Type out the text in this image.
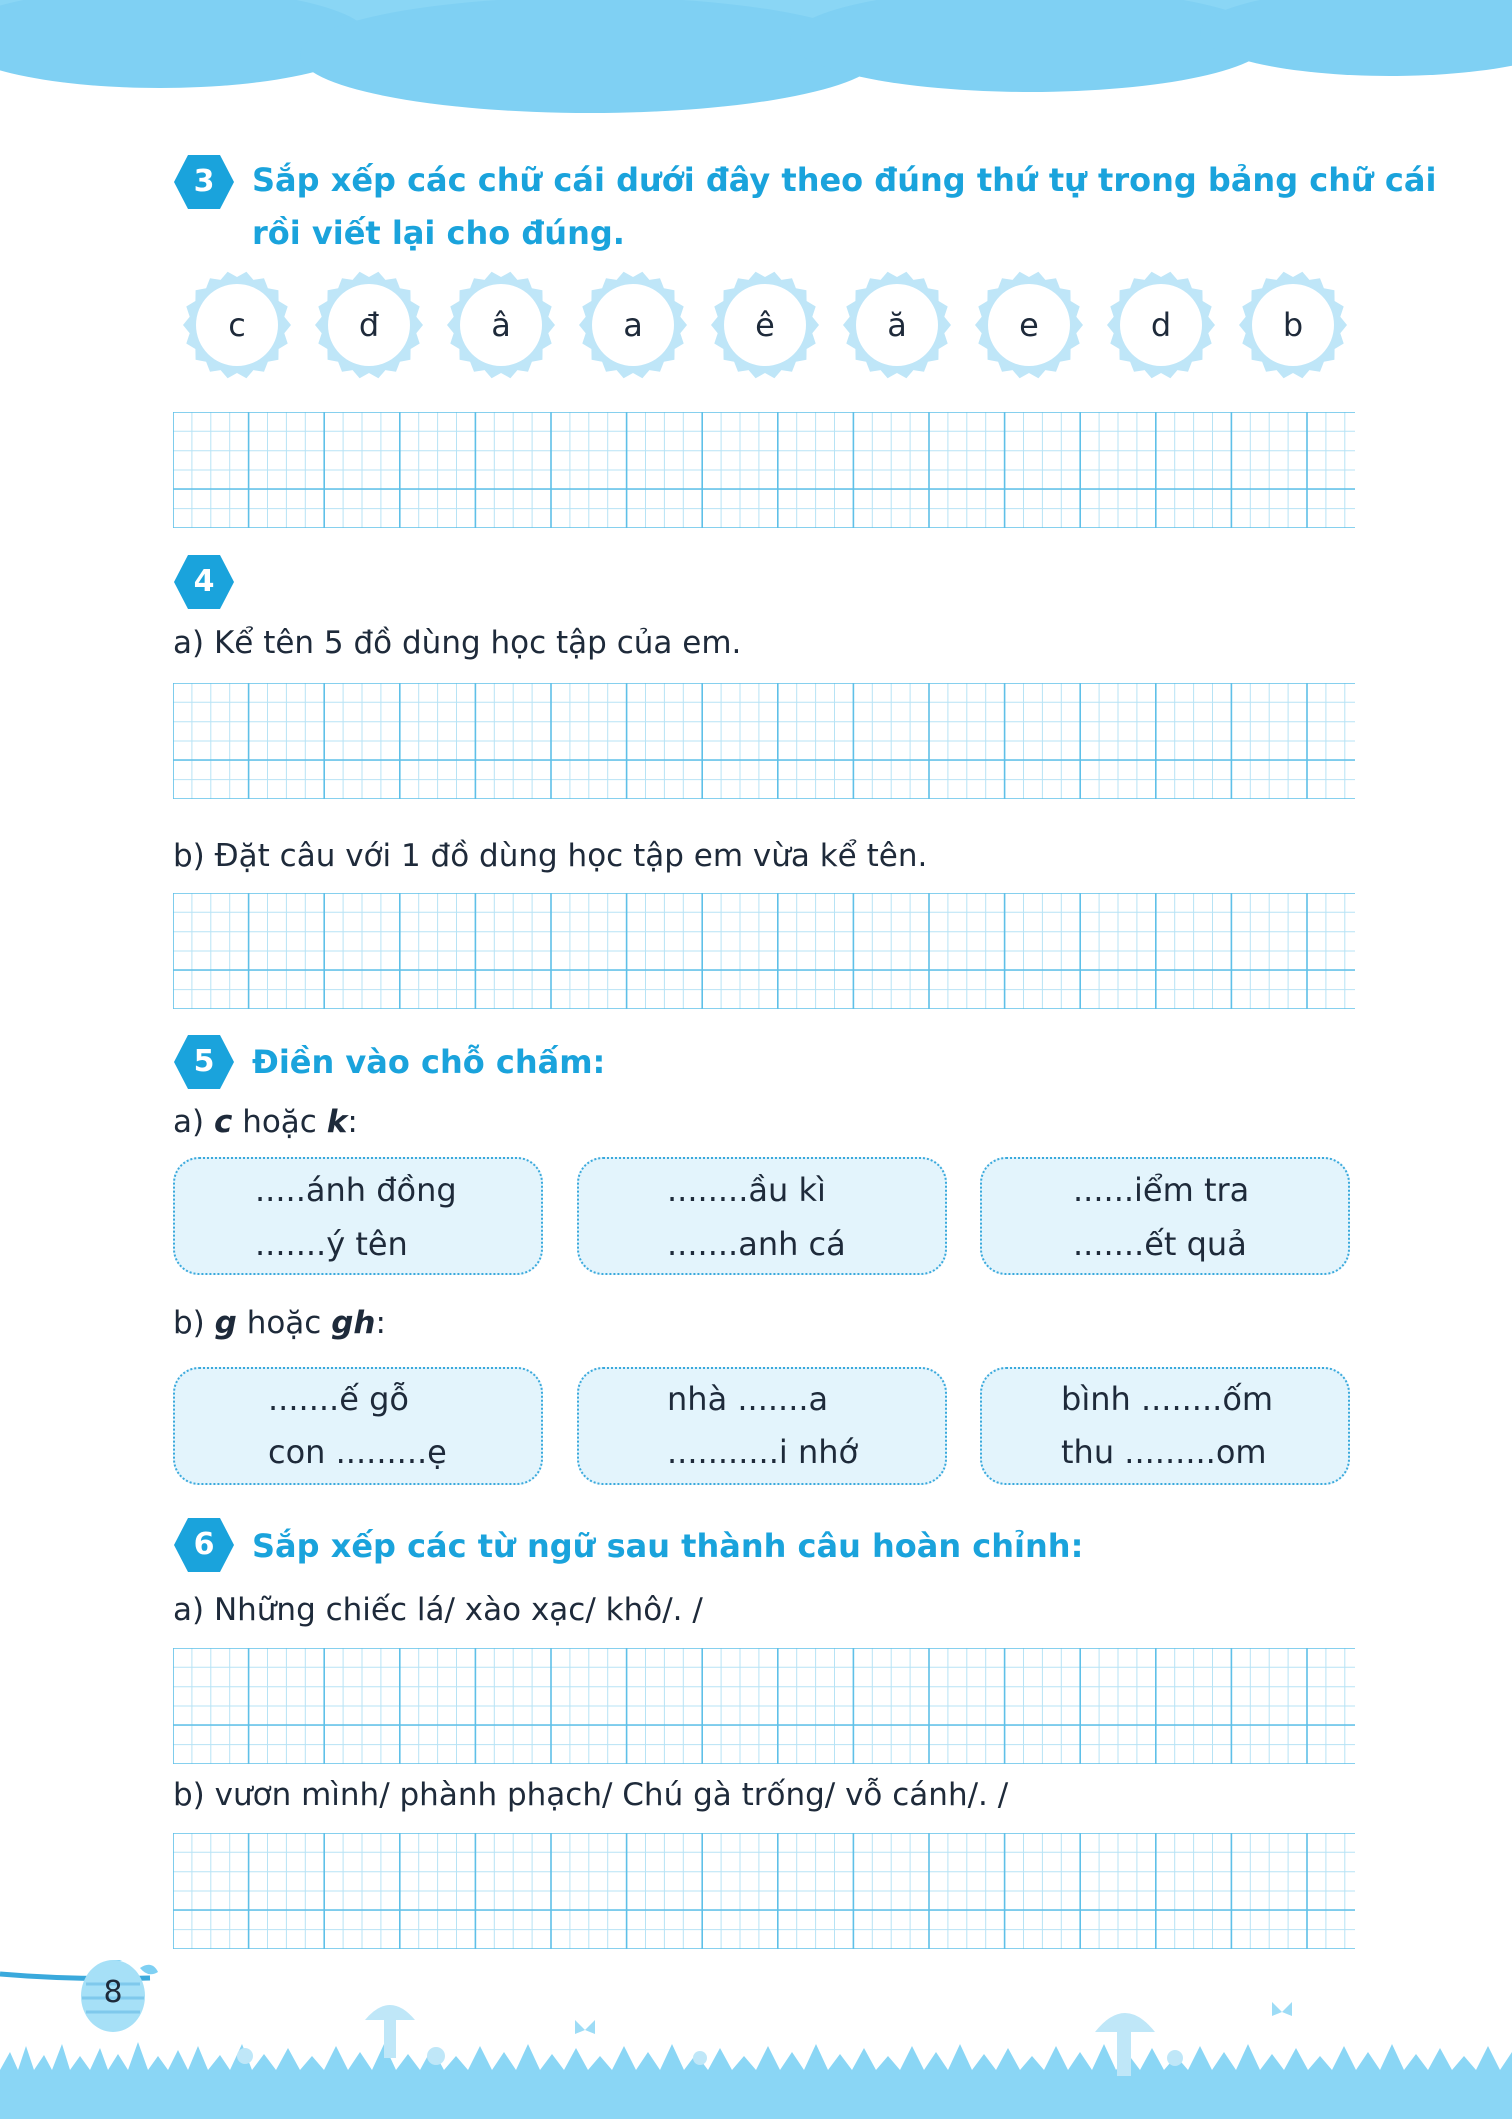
3	Sắp xếp các chữ cái dưới đây theo đúng thứ tự trong bảng chữ cái
rồi viết lại cho đúng.
c	đ	â	a	ê	ă	e	d	b
4
a) Kể tên 5 đồ dùng học tập của em.
b) Đặt câu với 1 đồ dùng học tập em vừa kể tên.
5	Điền vào chỗ chấm:
a) c hoặc k:
.....ánh đồng
.......ý tên
........ầu kì
.......anh cá
......iểm tra
.......ết quả
b) g hoặc gh:
.......ế gỗ
con .........ẹ
nhà .......a
...........i nhớ
bình ........ốm
thu .........om
6	Sắp xếp các từ ngữ sau thành câu hoàn chỉnh:
a) Những chiếc lá/ xào xạc/ khô/. /
b) vươn mình/ phành phạch/ Chú gà trống/ vỗ cánh/. /
8
